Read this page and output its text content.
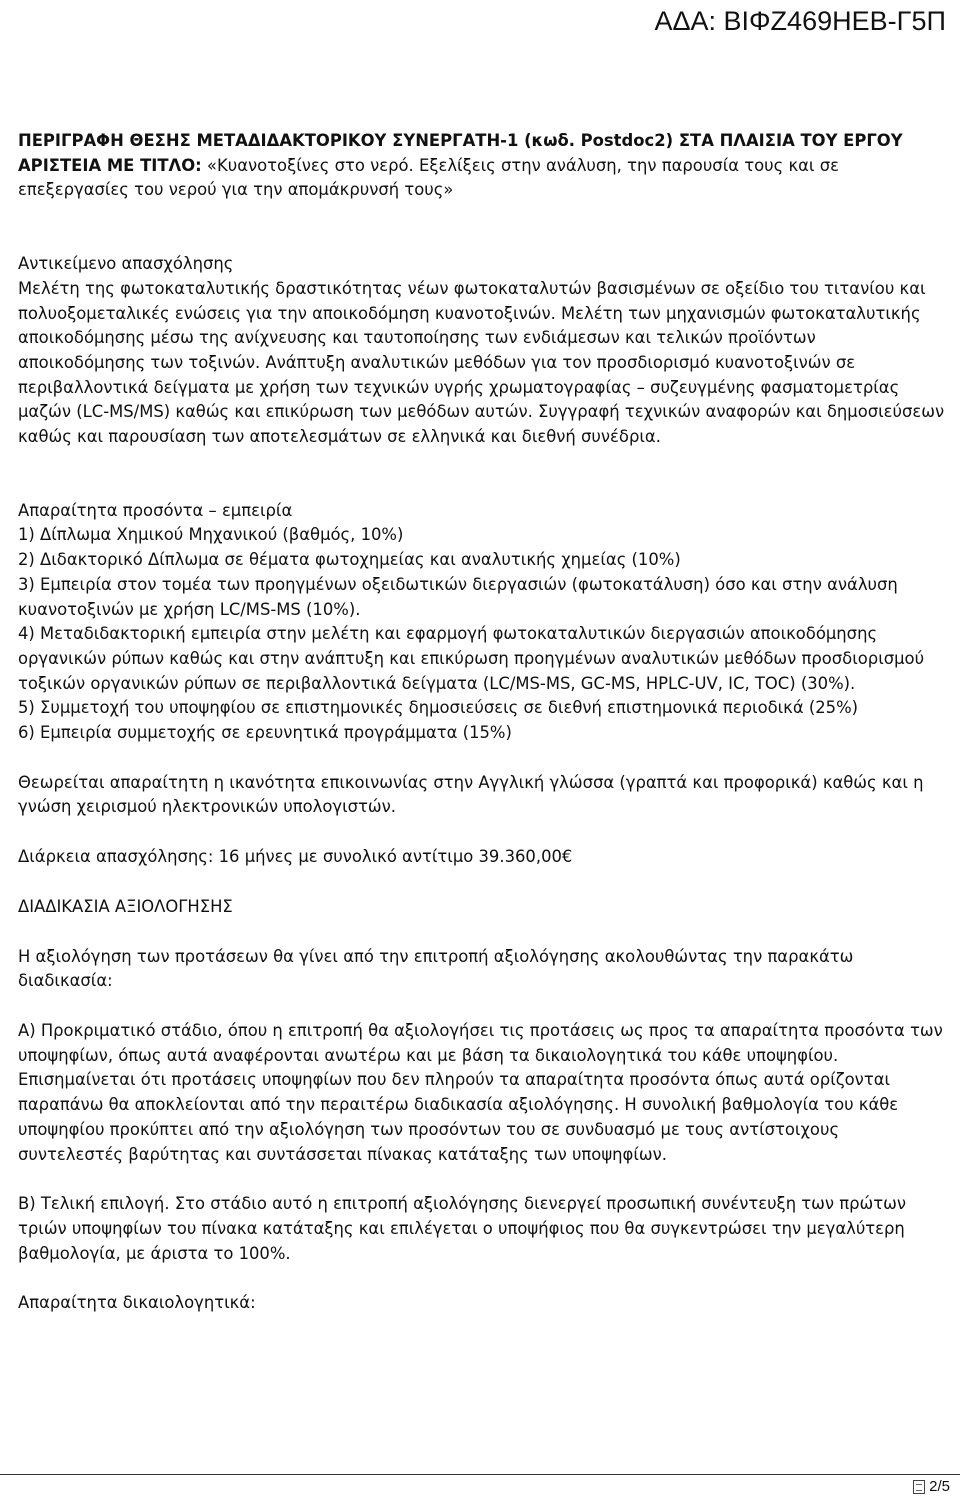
ΑΔΑ: ΒΙΦΖ469ΗΕΒ-Γ5Π

ΠΕΡΙΓΡΑΦΗ ΘΕΣΗΣ ΜΕΤΑΔΙΔΑΚΤΟΡΙΚΟΥ ΣΥΝΕΡΓΑΤΗ-1 (κωδ. Postdoc2) ΣΤΑ ΠΛΑΙΣΙΑ ΤΟΥ ΕΡΓΟΥ ΑΡΙΣΤΕΙΑ ΜΕ ΤΙΤΛΟ: «Κυανοτοξίνες στο νερό. Εξελίξεις στην ανάλυση, την παρουσία τους και σε επεξεργασίες του νερού για την απομάκρυνσή τους»

Αντικείμενο απασχόλησης

Μελέτη της φωτοκαταλυτικής δραστικότητας νέων φωτοκαταλυτών βασισμένων σε οξείδιο του τιτανίου και πολυοξομεταλικές ενώσεις για την αποικοδόμηση κυανοτοξινών. Μελέτη των μηχανισμών φωτοκαταλυτικής αποικοδόμησης μέσω της ανίχνευσης και ταυτοποίησης των ενδιάμεσων και τελικών προϊόντων αποικοδόμησης των τοξινών. Ανάπτυξη αναλυτικών μεθόδων για τον προσδιορισμό κυανοτοξινών σε περιβαλλοντικά δείγματα με χρήση των τεχνικών υγρής χρωματογραφίας – συζευγμένης φασματομετρίας μαζών (LC-MS/MS) καθώς και επικύρωση των μεθόδων αυτών. Συγγραφή τεχνικών αναφορών και δημοσιεύσεων καθώς και παρουσίαση των αποτελεσμάτων σε ελληνικά και διεθνή συνέδρια.

Απαραίτητα προσόντα – εμπειρία

1) Δίπλωμα Χημικού Μηχανικού (βαθμός, 10%)

2) Διδακτορικό Δίπλωμα σε θέματα φωτοχημείας και αναλυτικής χημείας (10%)

3) Εμπειρία στον τομέα των προηγμένων οξειδωτικών διεργασιών (φωτοκατάλυση) όσο και στην ανάλυση κυανοτοξινών με χρήση LC/MS-MS (10%).

4) Μεταδιδακτορική εμπειρία στην μελέτη και εφαρμογή φωτοκαταλυτικών διεργασιών αποικοδόμησης οργανικών ρύπων καθώς και στην ανάπτυξη και επικύρωση προηγμένων αναλυτικών μεθόδων προσδιορισμού τοξικών οργανικών ρύπων σε περιβαλλοντικά δείγματα (LC/MS-MS, GC-MS, HPLC-UV, IC, TOC) (30%).

5) Συμμετοχή του υποψηφίου σε επιστημονικές δημοσιεύσεις σε διεθνή επιστημονικά περιοδικά (25%)

6) Εμπειρία συμμετοχής σε ερευνητικά προγράμματα (15%)

Θεωρείται απαραίτητη η ικανότητα επικοινωνίας στην Αγγλική γλώσσα (γραπτά και προφορικά) καθώς και η γνώση χειρισμού ηλεκτρονικών υπολογιστών.

Διάρκεια απασχόλησης: 16 μήνες με συνολικό αντίτιμο 39.360,00€

ΔΙΑΔΙΚΑΣΙΑ ΑΞΙΟΛΟΓΗΣΗΣ

Η αξιολόγηση των προτάσεων θα γίνει από την επιτροπή αξιολόγησης ακολουθώντας την παρακάτω διαδικασία:

Α) Προκριματικό στάδιο, όπου η επιτροπή θα αξιολογήσει τις προτάσεις ως προς τα απαραίτητα προσόντα των υποψηφίων, όπως αυτά αναφέρονται ανωτέρω και με βάση τα δικαιολογητικά του κάθε υποψηφίου. Επισημαίνεται ότι προτάσεις υποψηφίων που δεν πληρούν τα απαραίτητα προσόντα όπως αυτά ορίζονται παραπάνω θα αποκλείονται από την περαιτέρω διαδικασία αξιολόγησης. Η συνολική βαθμολογία του κάθε υποψηφίου προκύπτει από την αξιολόγηση των προσόντων του σε συνδυασμό με τους αντίστοιχους συντελεστές βαρύτητας και συντάσσεται πίνακας κατάταξης των υποψηφίων.

Β) Τελική επιλογή. Στο στάδιο αυτό η επιτροπή αξιολόγησης διενεργεί προσωπική συνέντευξη των πρώτων τριών υποψηφίων του πίνακα κατάταξης και επιλέγεται ο υποψήφιος που θα συγκεντρώσει την μεγαλύτερη βαθμολογία, με άριστα το 100%.

Απαραίτητα δικαιολογητικά:

2/5
